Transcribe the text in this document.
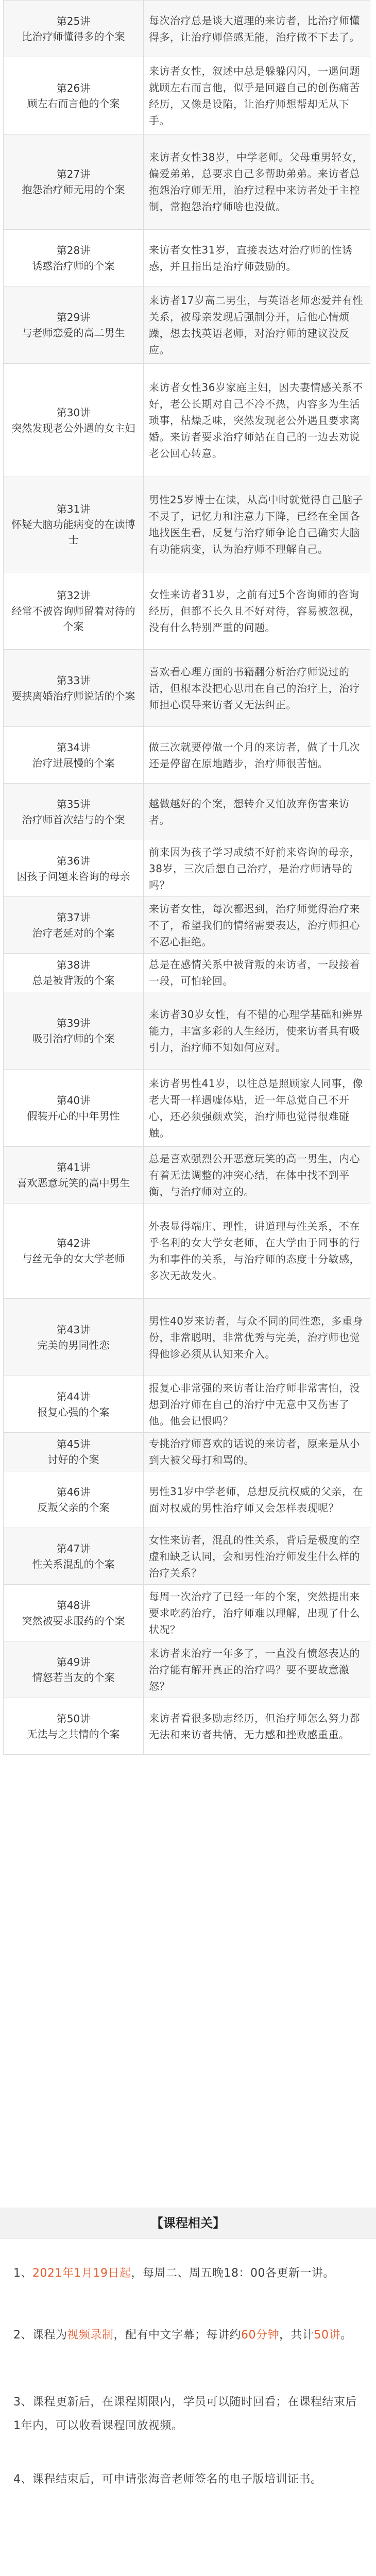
第25讲
比治疗师懂得多的个案	每次治疗总是谈大道理的来访者，比治疗师懂得多，让治疗师倍感无能，治疗做不下去了。

第26讲
顾左右而言他的个案	来访者女性，叙述中总是躲躲闪闪，一遇问题就顾左右而言他，似乎是回避自己的创伤痛苦经历，又像是设陷，让治疗师想帮却无从下手。

第27讲
抱怨治疗师无用的个案	来访者女性38岁，中学老师。父母重男轻女，偏爱弟弟，总要求自己多帮助弟弟。来访者总抱怨治疗师无用，治疗过程中来访者处于主控制，常抱怨治疗师啥也没做。

第28讲
诱惑治疗师的个案	来访者女性31岁，直接表达对治疗师的性诱惑，并且指出是治疗师鼓励的。

第29讲
与老师恋爱的高二男生	来访者17岁高二男生，与英语老师恋爱并有性关系，被母亲发现后强制分开，后他心情烦躁，想去找英语老师，对治疗师的建议没反应。

第30讲
突然发现老公外遇的女主妇	来访者女性36岁家庭主妇，因夫妻情感关系不好，老公长期对自己不冷不热，内容多为生活琐事，枯燥乏味，突然发现老公外遇且要求离婚。来访者要求治疗师站在自己的一边去劝说老公回心转意。

第31讲
怀疑大脑功能病变的在读博士	男性25岁博士在读，从高中时就觉得自己脑子不灵了，记忆力和注意力下降，已经在全国各地找医生看，反复与治疗师争论自己确实大脑有功能病变，认为治疗师不理解自己。

第32讲
经常不被咨询师留着对待的个案	女性来访者31岁，之前有过5个咨询师的咨询经历，但都不长久且不好对待，容易被忽视，没有什么特别严重的问题。

第33讲
要挟离婚治疗师说话的个案	喜欢看心理方面的书籍翻分析治疗师说过的话，但根本没把心思用在自己的治疗上，治疗师担心误导来访者又无法纠正。

第34讲
治疗进展慢的个案	做三次就要停做一个月的来访者，做了十几次还是停留在原地踏步，治疗师很苦恼。

第35讲
治疗师首次结与的个案	越做越好的个案，想转介又怕放弃伤害来访者。

第36讲
因孩子问题来咨询的母亲	前来因为孩子学习成绩不好前来咨询的母亲，38岁，三次后想自己治疗，是治疗师请导的吗？

第37讲
治疗老延对的个案	来访者女性，每次都迟到，治疗师觉得治疗来不了，希望我们的情绪需要表达，治疗师担心不忍心拒绝。

第38讲
总是被背叛的个案	总是在感情关系中被背叛的来访者，一段接着一段，可怕轮回。

第39讲
吸引治疗师的个案	来访者30岁女性，有不错的心理学基础和辨界能力，丰富多彩的人生经历，使来访者具有吸引力，治疗师不知如何应对。

第40讲
假装开心的中年男性	来访者男性41岁，以往总是照顾家人同事，像老大哥一样遇嘘体贴，近一年总觉自己不开心，还必须强颜欢笑，治疗师也觉得很难碰触。

第41讲
喜欢恶意玩笑的高中男生	总是喜欢强烈公开恶意玩笑的高一男生，内心有着无法调整的冲突心结，在体中找不到平衡，与治疗师对立的。

第42讲
与丝无争的女大学老师	外表显得端庄、理性，讲道理与性关系，不在乎名利的女大学女老师，在大学由于同事的行为和事件的关系，与治疗师的态度十分敏感，多次无故发火。

第43讲
完美的男同性恋	男性40岁来访者，与众不同的同性恋，多重身份，非常聪明，非常优秀与完美，治疗师也觉得他诊必须从认知来介入。

第44讲
报复心强的个案	报复心非常强的来访者让治疗师非常害怕，没想到治疗师在自己的治疗中无意中又伤害了他。他会记恨吗？

第45讲
讨好的个案	专挑治疗师喜欢的话说的来访者，原来是从小到大被父母打和骂的。

第46讲
反叛父亲的个案	男性31岁中学老师，总想反抗权威的父亲，在面对权威的男性治疗师又会怎样表现呢？

第47讲
性关系混乱的个案	女性来访者，混乱的性关系，背后是极度的空虚和缺乏认同，会和男性治疗师发生什么样的治疗关系？

第48讲
突然被要求服药的个案	每周一次治疗了已经一年的个案，突然提出来要求吃药治疗，治疗师难以理解，出现了什么状况？

第49讲
情怒若当友的个案	来访者来治疗一年多了，一直没有愤怒表达的治疗能有解开真正的治疗吗？要不要故意激怒？

第50讲
无法与之共情的个案	来访者看很多励志经历，但治疗师怎么努力都无法和来访者共情，无力感和挫败感重重。
【课程相关】

1、2021年1月19日起，每周二、周五晚18：00各更新一讲。

2、课程为视频录制，配有中文字幕；每讲约60分钟，共计50讲。

3、课程更新后，在课程期限内，学员可以随时回看；在课程结束后1年内，可以收看课程回放视频。

4、课程结束后，可申请张海音老师签名的电子版培训证书。
